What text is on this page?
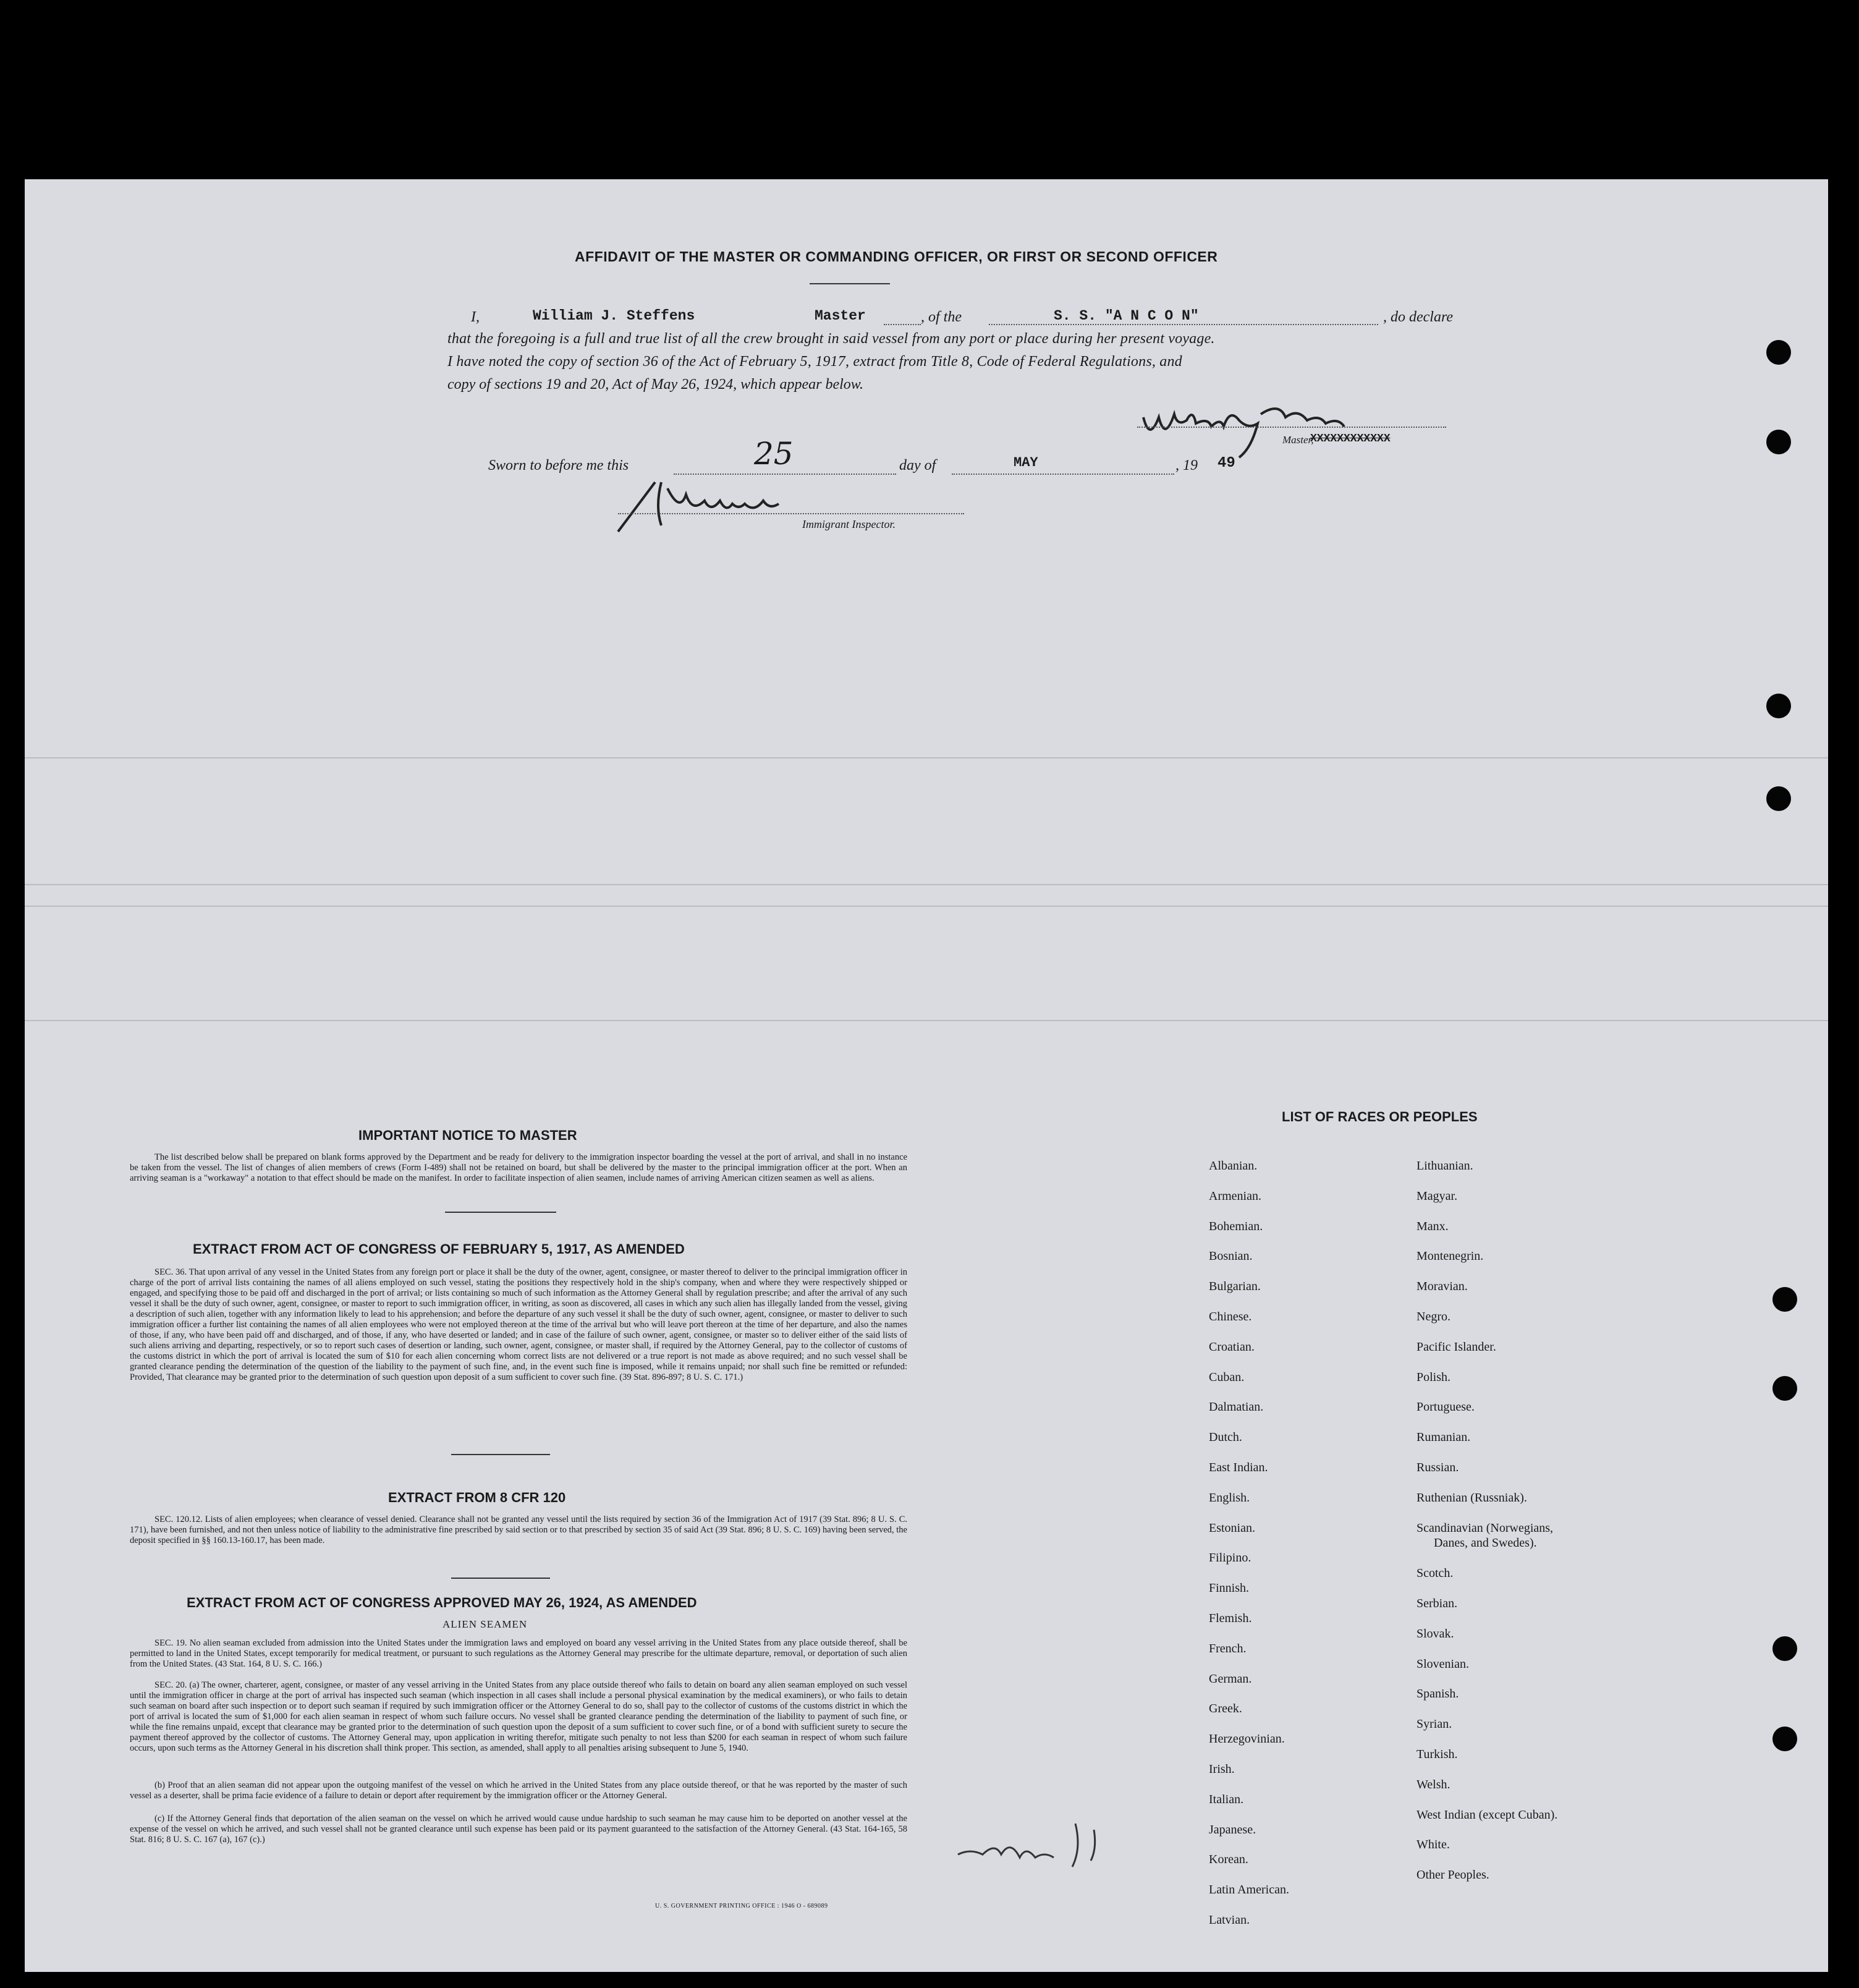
AFFIDAVIT OF THE MASTER OR COMMANDING OFFICER, OR FIRST OR SECOND OFFICER
I,	William J. Steffens	Master	, of the	S. S. "A N C O N"	, do declare
that the foregoing is a full and true list of all the crew brought in said vessel from any port or place during her present voyage.
I have noted the copy of section 36 of the Act of February 5, 1917, extract from Title 8, Code of Federal Regulations, and
copy of sections 19 and 20, Act of May 26, 1924, which appear below.
Master,
XXXXXXXXXXXX
Sworn to before me this	25	day of	MAY	, 19 49
Immigrant Inspector.
IMPORTANT NOTICE TO MASTER
The list described below shall be prepared on blank forms approved by the Department and be ready for delivery to the immigration inspector boarding the vessel at the port of arrival, and shall in no instance be taken from the vessel. The list of changes of alien members of crews (Form I-489) shall not be retained on board, but shall be delivered by the master to the principal immigration officer at the port. When an arriving seaman is a "workaway" a notation to that effect should be made on the manifest. In order to facilitate inspection of alien seamen, include names of arriving American citizen seamen as well as aliens.
EXTRACT FROM ACT OF CONGRESS OF FEBRUARY 5, 1917, AS AMENDED
SEC. 36. That upon arrival of any vessel in the United States from any foreign port or place it shall be the duty of the owner, agent, consignee, or master thereof to deliver to the principal immigration officer in charge of the port of arrival lists containing the names of all aliens employed on such vessel, stating the positions they respectively hold in the ship's company, when and where they were respectively shipped or engaged, and specifying those to be paid off and discharged in the port of arrival; or lists containing so much of such information as the Attorney General shall by regulation prescribe; and after the arrival of any such vessel it shall be the duty of such owner, agent, consignee, or master to report to such immigration officer, in writing, as soon as discovered, all cases in which any such alien has illegally landed from the vessel, giving a description of such alien, together with any information likely to lead to his apprehension; and before the departure of any such vessel it shall be the duty of such owner, agent, consignee, or master to deliver to such immigration officer a further list containing the names of all alien employees who were not employed thereon at the time of the arrival but who will leave port thereon at the time of her departure, and also the names of those, if any, who have been paid off and discharged, and of those, if any, who have deserted or landed; and in case of the failure of such owner, agent, consignee, or master so to deliver either of the said lists of such aliens arriving and departing, respectively, or so to report such cases of desertion or landing, such owner, agent, consignee, or master shall, if required by the Attorney General, pay to the collector of customs of the customs district in which the port of arrival is located the sum of $10 for each alien concerning whom correct lists are not delivered or a true report is not made as above required; and no such vessel shall be granted clearance pending the determination of the question of the liability to the payment of such fine, and, in the event such fine is imposed, while it remains unpaid; nor shall such fine be remitted or refunded: Provided, That clearance may be granted prior to the determination of such question upon deposit of a sum sufficient to cover such fine. (39 Stat. 896-897; 8 U. S. C. 171.)
EXTRACT FROM 8 CFR 120
SEC. 120.12. Lists of alien employees; when clearance of vessel denied. Clearance shall not be granted any vessel until the lists required by section 36 of the Immigration Act of 1917 (39 Stat. 896; 8 U. S. C. 171), have been furnished, and not then unless notice of liability to the administrative fine prescribed by said section or to that prescribed by section 35 of said Act (39 Stat. 896; 8 U. S. C. 169) having been served, the deposit specified in §§ 160.13-160.17, has been made.
EXTRACT FROM ACT OF CONGRESS APPROVED MAY 26, 1924, AS AMENDED
ALIEN SEAMEN
SEC. 19. No alien seaman excluded from admission into the United States under the immigration laws and employed on board any vessel arriving in the United States from any place outside thereof, shall be permitted to land in the United States, except temporarily for medical treatment, or pursuant to such regulations as the Attorney General may prescribe for the ultimate departure, removal, or deportation of such alien from the United States. (43 Stat. 164, 8 U. S. C. 166.)
SEC. 20. (a) The owner, charterer, agent, consignee, or master of any vessel arriving in the United States from any place outside thereof who fails to detain on board any alien seaman employed on such vessel until the immigration officer in charge at the port of arrival has inspected such seaman (which inspection in all cases shall include a personal physical examination by the medical examiners), or who fails to detain such seaman on board after such inspection or to deport such seaman if required by such immigration officer or the Attorney General to do so, shall pay to the collector of customs of the customs district in which the port of arrival is located the sum of $1,000 for each alien seaman in respect of whom such failure occurs. No vessel shall be granted clearance pending the determination of the liability to payment of such fine, or while the fine remains unpaid, except that clearance may be granted prior to the determination of such question upon the deposit of a sum sufficient to cover such fine, or of a bond with sufficient surety to secure the payment thereof approved by the collector of customs. The Attorney General may, upon application in writing therefor, mitigate such penalty to not less than $200 for each seaman in respect of whom such failure occurs, upon such terms as the Attorney General in his discretion shall think proper. This section, as amended, shall apply to all penalties arising subsequent to June 5, 1940.
(b) Proof that an alien seaman did not appear upon the outgoing manifest of the vessel on which he arrived in the United States from any place outside thereof, or that he was reported by the master of such vessel as a deserter, shall be prima facie evidence of a failure to detain or deport after requirement by the immigration officer or the Attorney General.
(c) If the Attorney General finds that deportation of the alien seaman on the vessel on which he arrived would cause undue hardship to such seaman he may cause him to be deported on another vessel at the expense of the vessel on which he arrived, and such vessel shall not be granted clearance until such expense has been paid or its payment guaranteed to the satisfaction of the Attorney General. (43 Stat. 164-165, 58 Stat. 816; 8 U. S. C. 167 (a), 167 (c).)
U. S. GOVERNMENT PRINTING OFFICE : 1946 O - 689089
LIST OF RACES OR PEOPLES
Albanian.
Armenian.
Bohemian.
Bosnian.
Bulgarian.
Chinese.
Croatian.
Cuban.
Dalmatian.
Dutch.
East Indian.
English.
Estonian.
Filipino.
Finnish.
Flemish.
French.
German.
Greek.
Herzegovinian.
Irish.
Italian.
Japanese.
Korean.
Latin American.
Latvian.
Lithuanian.
Magyar.
Manx.
Montenegrin.
Moravian.
Negro.
Pacific Islander.
Polish.
Portuguese.
Rumanian.
Russian.
Ruthenian (Russniak).
Scandinavian (Norwegians,
Danes, and Swedes).
Scotch.
Serbian.
Slovak.
Slovenian.
Spanish.
Syrian.
Turkish.
Welsh.
West Indian (except Cuban).
White.
Other Peoples.
